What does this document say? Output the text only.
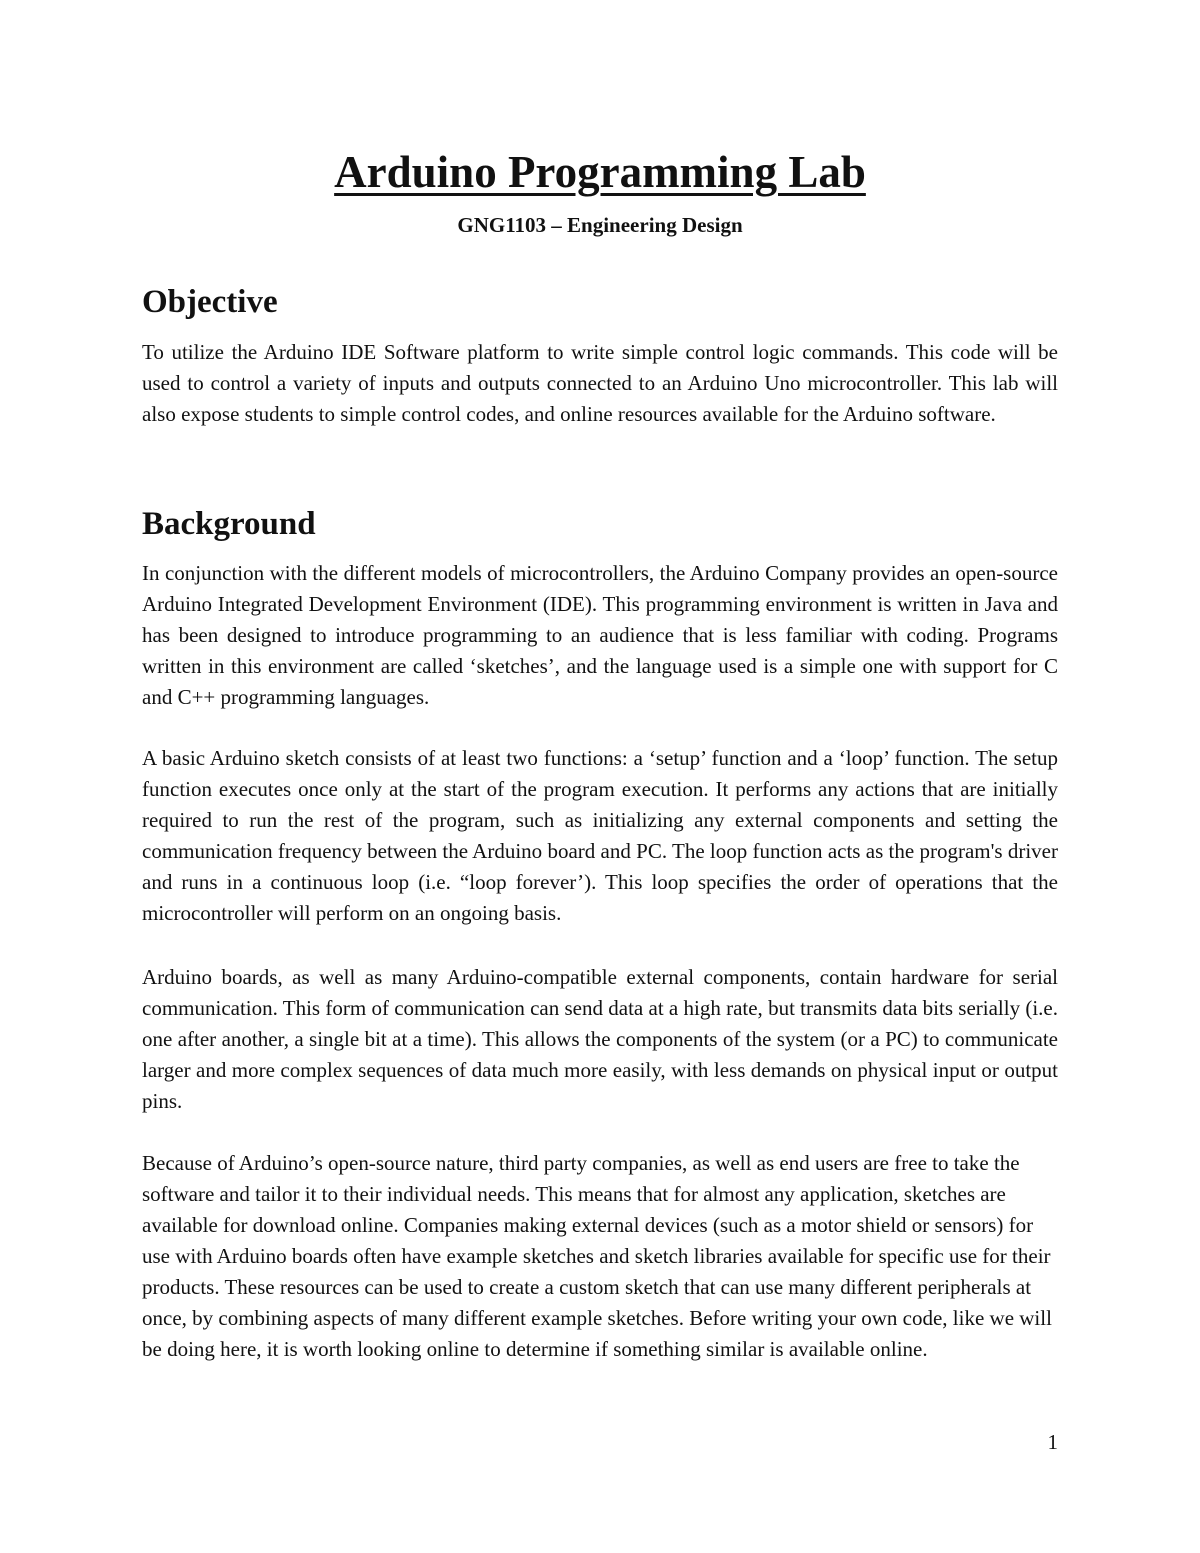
Arduino Programming Lab
GNG1103 – Engineering Design
Objective

To utilize the Arduino IDE Software platform to write simple control logic commands. This code will be used to control a variety of inputs and outputs connected to an Arduino Uno microcontroller. This lab will also expose students to simple control codes, and online resources available for the Arduino software.

Background

In conjunction with the different models of microcontrollers, the Arduino Company provides an open-source Arduino Integrated Development Environment (IDE). This programming environment is written in Java and has been designed to introduce programming to an audience that is less familiar with coding. Programs written in this environment are called ‘sketches’, and the language used is a simple one with support for C and C++ programming languages.

A basic Arduino sketch consists of at least two functions: a ‘setup’ function and a ‘loop’ function. The setup function executes once only at the start of the program execution. It performs any actions that are initially required to run the rest of the program, such as initializing any external components and setting the communication frequency between the Arduino board and PC. The loop function acts as the program's driver and runs in a continuous loop (i.e. “loop forever’). This loop specifies the order of operations that the microcontroller will perform on an ongoing basis.

Arduino boards, as well as many Arduino-compatible external components, contain hardware for serial communication. This form of communication can send data at a high rate, but transmits data bits serially (i.e. one after another, a single bit at a time). This allows the components of the system (or a PC) to communicate larger and more complex sequences of data much more easily, with less demands on physical input or output pins.

Because of Arduino’s open-source nature, third party companies, as well as end users are free to take the software and tailor it to their individual needs. This means that for almost any application, sketches are available for download online. Companies making external devices (such as a motor shield or sensors) for use with Arduino boards often have example sketches and sketch libraries available for specific use for their products. These resources can be used to create a custom sketch that can use many different peripherals at once, by combining aspects of many different example sketches. Before writing your own code, like we will be doing here, it is worth looking online to determine if something similar is available online.

1
